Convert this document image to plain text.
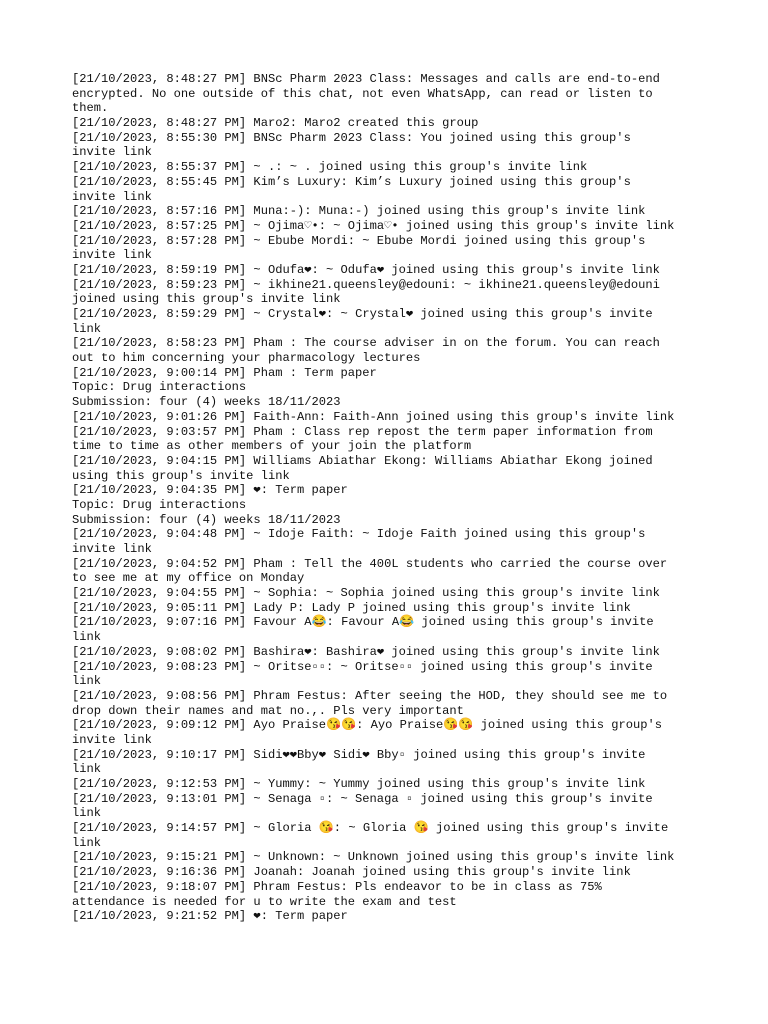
[21/10/2023, 8:48:27 PM] BNSc Pharm 2023 Class: Messages and calls are end-to-end
encrypted. No one outside of this chat, not even WhatsApp, can read or listen to
them.
[21/10/2023, 8:48:27 PM] Maro2: Maro2 created this group
[21/10/2023, 8:55:30 PM] BNSc Pharm 2023 Class: You joined using this group's
invite link
[21/10/2023, 8:55:37 PM] ~ .: ~ . joined using this group's invite link
[21/10/2023, 8:55:45 PM] Kim’s Luxury: Kim’s Luxury joined using this group's
invite link
[21/10/2023, 8:57:16 PM] Muna:-): Muna:-) joined using this group's invite link
[21/10/2023, 8:57:25 PM] ~ Ojima♡•: ~ Ojima♡• joined using this group's invite link
[21/10/2023, 8:57:28 PM] ~ Ebube Mordi: ~ Ebube Mordi joined using this group's
invite link
[21/10/2023, 8:59:19 PM] ~ Odufa❤: ~ Odufa❤ joined using this group's invite link
[21/10/2023, 8:59:23 PM] ~ ikhine21.queensley@edouni: ~ ikhine21.queensley@edouni
joined using this group's invite link
[21/10/2023, 8:59:29 PM] ~ Crystal❤: ~ Crystal❤ joined using this group's invite
link
[21/10/2023, 8:58:23 PM] Pham : The course adviser in on the forum. You can reach
out to him concerning your pharmacology lectures
[21/10/2023, 9:00:14 PM] Pham : Term paper
Topic: Drug interactions
Submission: four (4) weeks 18/11/2023
[21/10/2023, 9:01:26 PM] Faith-Ann: Faith-Ann joined using this group's invite link
[21/10/2023, 9:03:57 PM] Pham : Class rep repost the term paper information from
time to time as other members of your join the platform
[21/10/2023, 9:04:15 PM] Williams Abiathar Ekong: Williams Abiathar Ekong joined
using this group's invite link
[21/10/2023, 9:04:35 PM] ❤: Term paper
Topic: Drug interactions
Submission: four (4) weeks 18/11/2023
[21/10/2023, 9:04:48 PM] ~ Idoje Faith: ~ Idoje Faith joined using this group's
invite link
[21/10/2023, 9:04:52 PM] Pham : Tell the 400L students who carried the course over
to see me at my office on Monday
[21/10/2023, 9:04:55 PM] ~ Sophia: ~ Sophia joined using this group's invite link
[21/10/2023, 9:05:11 PM] Lady P: Lady P joined using this group's invite link
[21/10/2023, 9:07:16 PM] Favour A😂: Favour A😂 joined using this group's invite
link
[21/10/2023, 9:08:02 PM] Bashira❤: Bashira❤ joined using this group's invite link
[21/10/2023, 9:08:23 PM] ~ Oritse▫▫: ~ Oritse▫▫ joined using this group's invite
link
[21/10/2023, 9:08:56 PM] Phram Festus: After seeing the HOD, they should see me to
drop down their names and mat no.,. Pls very important
[21/10/2023, 9:09:12 PM] Ayo Praise😘😘: Ayo Praise😘😘 joined using this group's
invite link
[21/10/2023, 9:10:17 PM] Sidi❤❤Bby❤ Sidi❤ Bby▫ joined using this group's invite
link
[21/10/2023, 9:12:53 PM] ~ Yummy: ~ Yummy joined using this group's invite link
[21/10/2023, 9:13:01 PM] ~ Senaga ▫: ~ Senaga ▫ joined using this group's invite
link
[21/10/2023, 9:14:57 PM] ~ Gloria 😘: ~ Gloria 😘 joined using this group's invite
link
[21/10/2023, 9:15:21 PM] ~ Unknown: ~ Unknown joined using this group's invite link
[21/10/2023, 9:16:36 PM] Joanah: Joanah joined using this group's invite link
[21/10/2023, 9:18:07 PM] Phram Festus: Pls endeavor to be in class as 75%
attendance is needed for u to write the exam and test
[21/10/2023, 9:21:52 PM] ❤: Term paper
